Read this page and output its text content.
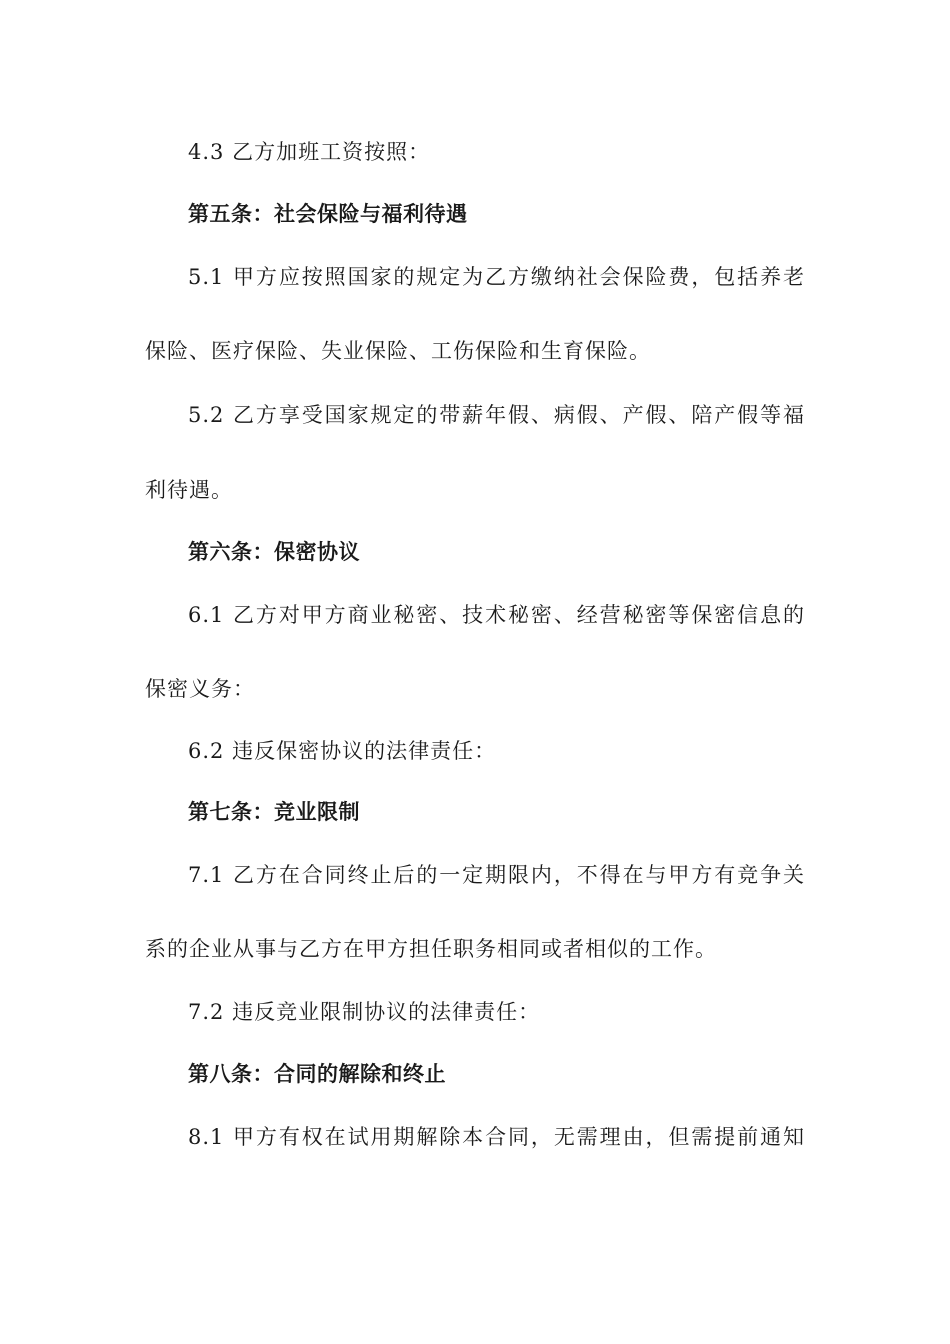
4.3 乙方加班工资按照：
第五条：社会保险与福利待遇
5.1 甲方应按照国家的规定为乙方缴纳社会保险费，包括养老
保险、医疗保险、失业保险、工伤保险和生育保险。
5.2 乙方享受国家规定的带薪年假、病假、产假、陪产假等福
利待遇。
第六条：保密协议
6.1 乙方对甲方商业秘密、技术秘密、经营秘密等保密信息的
保密义务：
6.2 违反保密协议的法律责任：
第七条：竞业限制
7.1 乙方在合同终止后的一定期限内，不得在与甲方有竞争关
系的企业从事与乙方在甲方担任职务相同或者相似的工作。
7.2 违反竞业限制协议的法律责任：
第八条：合同的解除和终止
8.1 甲方有权在试用期解除本合同，无需理由，但需提前通知
